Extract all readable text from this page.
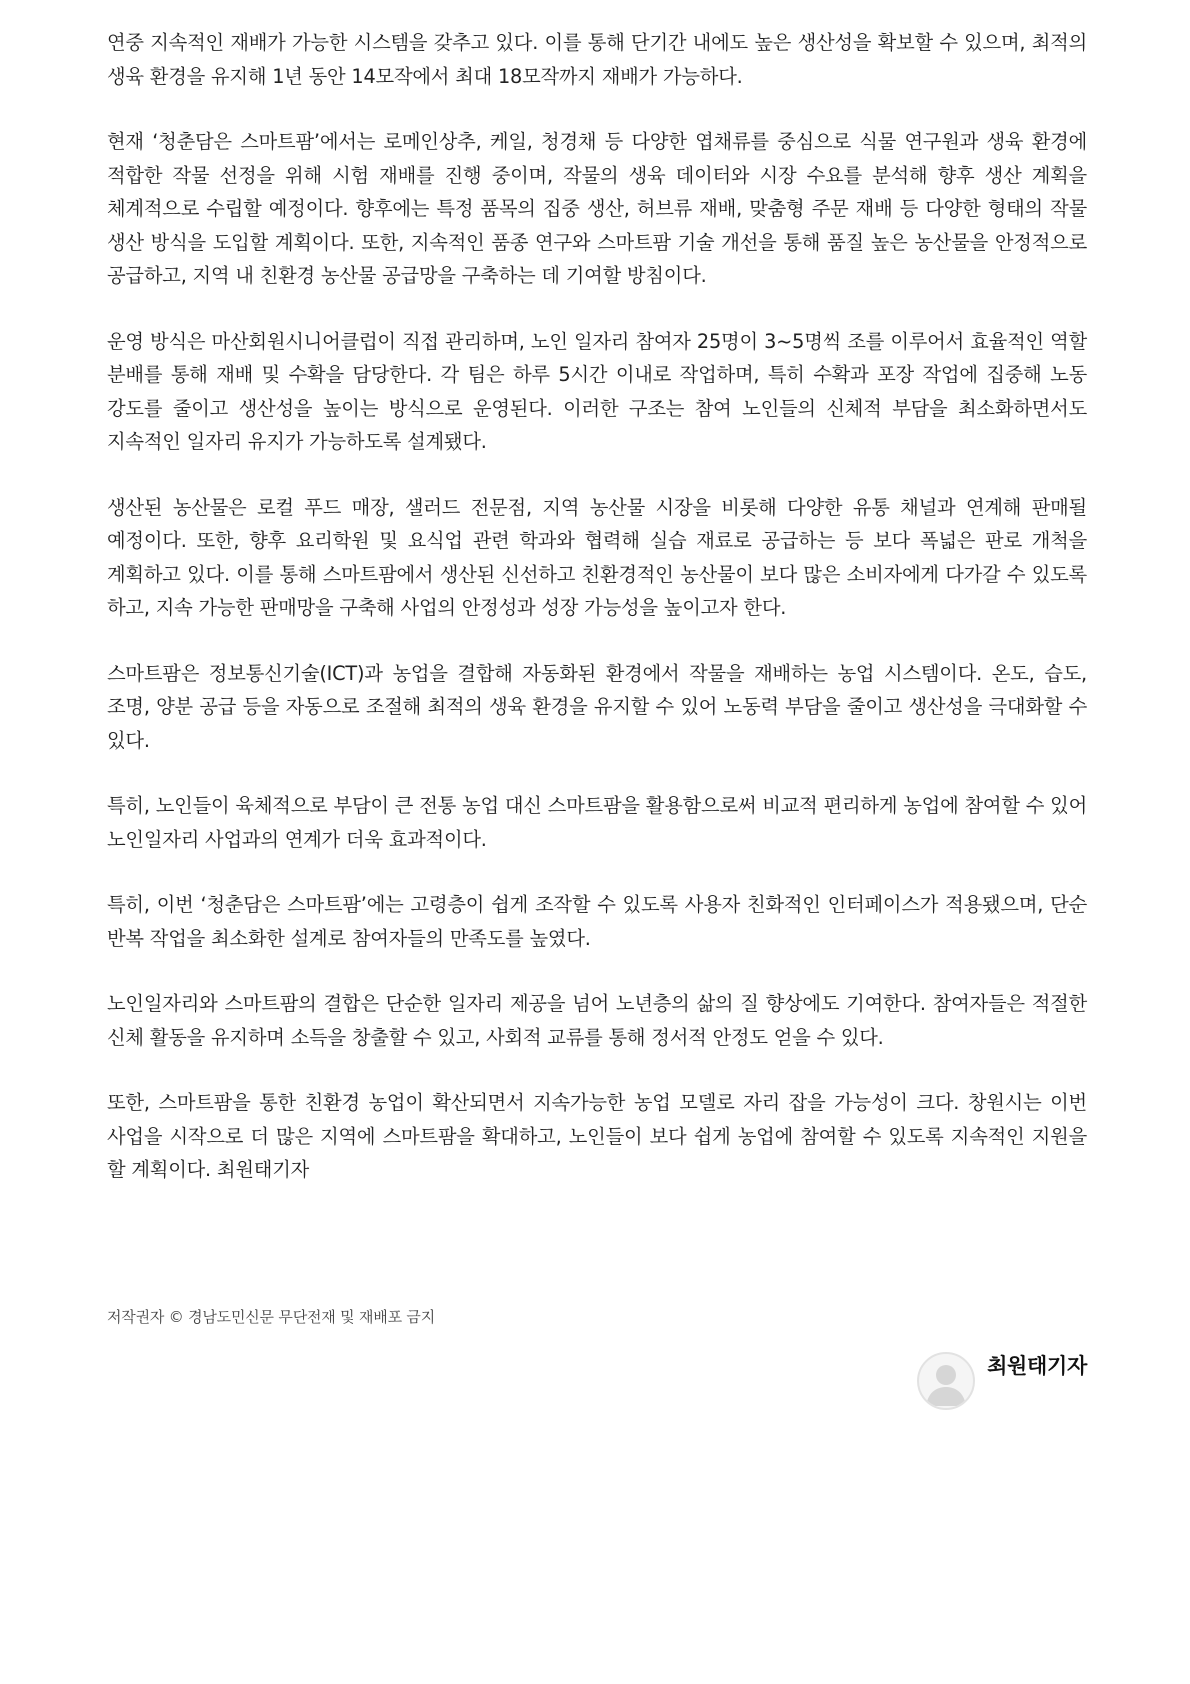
연중 지속적인 재배가 가능한 시스템을 갖추고 있다. 이를 통해 단기간 내에도 높은 생산성을 확보할 수 있으며, 최적의 생육 환경을 유지해 1년 동안 14모작에서 최대 18모작까지 재배가 가능하다.

현재 ‘청춘담은 스마트팜’에서는 로메인상추, 케일, 청경채 등 다양한 엽채류를 중심으로 식물 연구원과 생육 환경에 적합한 작물 선정을 위해 시험 재배를 진행 중이며, 작물의 생육 데이터와 시장 수요를 분석해 향후 생산 계획을 체계적으로 수립할 예정이다. 향후에는 특정 품목의 집중 생산, 허브류 재배, 맞춤형 주문 재배 등 다양한 형태의 작물 생산 방식을 도입할 계획이다. 또한, 지속적인 품종 연구와 스마트팜 기술 개선을 통해 품질 높은 농산물을 안정적으로 공급하고, 지역 내 친환경 농산물 공급망을 구축하는 데 기여할 방침이다.

운영 방식은 마산회원시니어클럽이 직접 관리하며, 노인 일자리 참여자 25명이 3~5명씩 조를 이루어서 효율적인 역할 분배를 통해 재배 및 수확을 담당한다. 각 팀은 하루 5시간 이내로 작업하며, 특히 수확과 포장 작업에 집중해 노동 강도를 줄이고 생산성을 높이는 방식으로 운영된다. 이러한 구조는 참여 노인들의 신체적 부담을 최소화하면서도 지속적인 일자리 유지가 가능하도록 설계됐다.

생산된 농산물은 로컬 푸드 매장, 샐러드 전문점, 지역 농산물 시장을 비롯해 다양한 유통 채널과 연계해 판매될 예정이다. 또한, 향후 요리학원 및 요식업 관련 학과와 협력해 실습 재료로 공급하는 등 보다 폭넓은 판로 개척을 계획하고 있다. 이를 통해 스마트팜에서 생산된 신선하고 친환경적인 농산물이 보다 많은 소비자에게 다가갈 수 있도록 하고, 지속 가능한 판매망을 구축해 사업의 안정성과 성장 가능성을 높이고자 한다.

스마트팜은 정보통신기술(ICT)과 농업을 결합해 자동화된 환경에서 작물을 재배하는 농업 시스템이다. 온도, 습도, 조명, 양분 공급 등을 자동으로 조절해 최적의 생육 환경을 유지할 수 있어 노동력 부담을 줄이고 생산성을 극대화할 수 있다.

특히, 노인들이 육체적으로 부담이 큰 전통 농업 대신 스마트팜을 활용함으로써 비교적 편리하게 농업에 참여할 수 있어 노인일자리 사업과의 연계가 더욱 효과적이다.

특히, 이번 ‘청춘담은 스마트팜’에는 고령층이 쉽게 조작할 수 있도록 사용자 친화적인 인터페이스가 적용됐으며, 단순 반복 작업을 최소화한 설계로 참여자들의 만족도를 높였다.

노인일자리와 스마트팜의 결합은 단순한 일자리 제공을 넘어 노년층의 삶의 질 향상에도 기여한다. 참여자들은 적절한 신체 활동을 유지하며 소득을 창출할 수 있고, 사회적 교류를 통해 정서적 안정도 얻을 수 있다.

또한, 스마트팜을 통한 친환경 농업이 확산되면서 지속가능한 농업 모델로 자리 잡을 가능성이 크다. 창원시는 이번 사업을 시작으로 더 많은 지역에 스마트팜을 확대하고, 노인들이 보다 쉽게 농업에 참여할 수 있도록 지속적인 지원을 할 계획이다. 최원태기자

저작권자 © 경남도민신문 무단전재 및 재배포 금지
최원태기자
